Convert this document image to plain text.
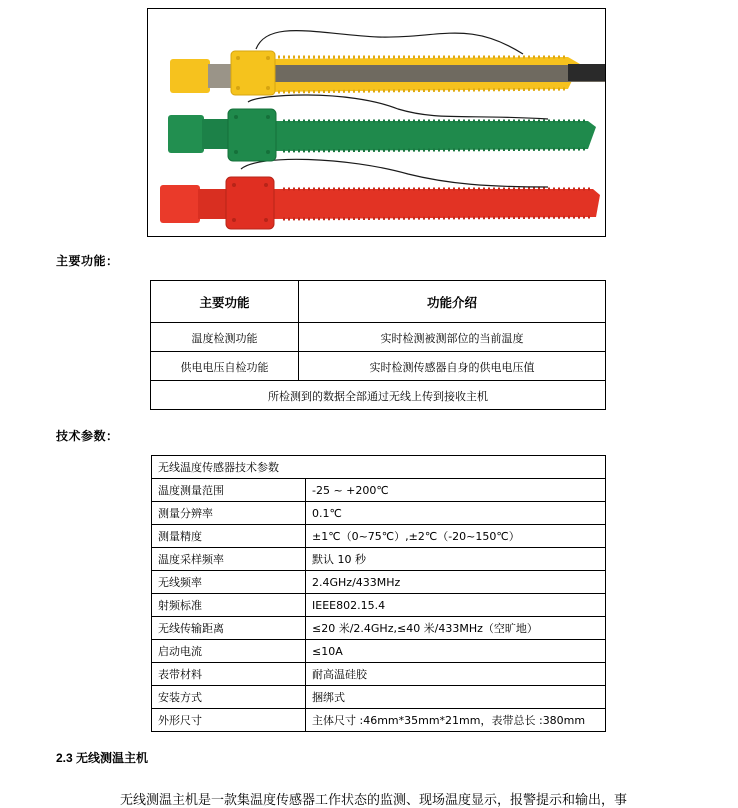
主要功能：
主要功能	功能介绍
温度检测功能	实时检测被测部位的当前温度
供电电压自检功能	实时检测传感器自身的供电电压值
所检测到的数据全部通过无线上传到接收主机	
技术参数：
无线温度传感器技术参数	
温度测量范围	-25 ~ +200℃
测量分辨率	0.1℃
测量精度	±1℃（0~75℃）,±2℃（-20~150℃）
温度采样频率	默认 10 秒
无线频率	2.4GHz/433MHz
射频标准	IEEE802.15.4
无线传输距离	≤20 米/2.4GHz,≤40 米/433MHz（空旷地）
启动电流	≤10A
表带材料	耐高温硅胶
安装方式	捆绑式
外形尺寸	主体尺寸 :46mm*35mm*21mm，表带总长 :380mm
2.3 无线测温主机
无线测温主机是一款集温度传感器工作状态的监测、现场温度显示，报警提示和输出，事
